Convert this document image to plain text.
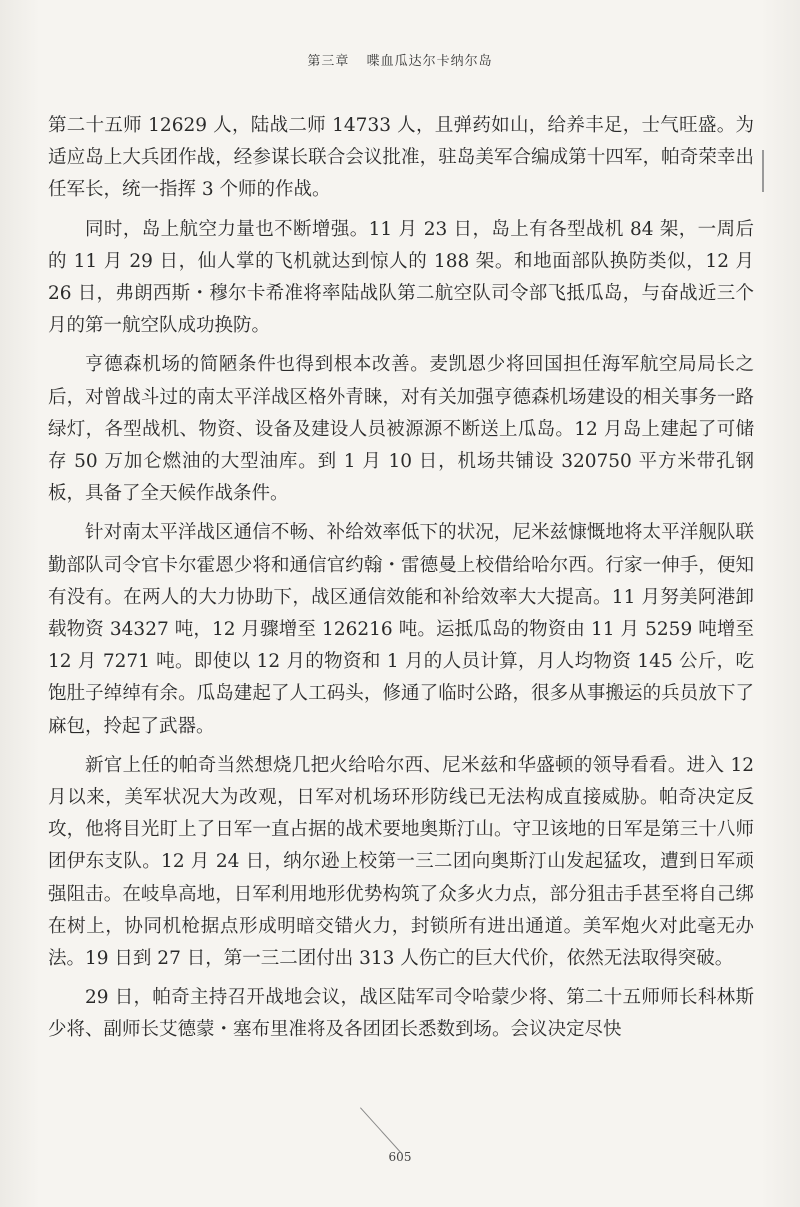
第三章 喋血瓜达尔卡纳尔岛

第二十五师 12629 人，陆战二师 14733 人，且弹药如山，给养丰足，士气旺盛。为适应岛上大兵团作战，经参谋长联合会议批准，驻岛美军合编成第十四军，帕奇荣幸出任军长，统一指挥 3 个师的作战。

同时，岛上航空力量也不断增强。11 月 23 日，岛上有各型战机 84 架，一周后的 11 月 29 日，仙人掌的飞机就达到惊人的 188 架。和地面部队换防类似，12 月 26 日，弗朗西斯・穆尔卡希准将率陆战队第二航空队司令部飞抵瓜岛，与奋战近三个月的第一航空队成功换防。

亨德森机场的简陋条件也得到根本改善。麦凯恩少将回国担任海军航空局局长之后，对曾战斗过的南太平洋战区格外青睐，对有关加强亨德森机场建设的相关事务一路绿灯，各型战机、物资、设备及建设人员被源源不断送上瓜岛。12 月岛上建起了可储存 50 万加仑燃油的大型油库。到 1 月 10 日，机场共铺设 320750 平方米带孔钢板，具备了全天候作战条件。

针对南太平洋战区通信不畅、补给效率低下的状况，尼米兹慷慨地将太平洋舰队联勤部队司令官卡尔霍恩少将和通信官约翰・雷德曼上校借给哈尔西。行家一伸手，便知有没有。在两人的大力协助下，战区通信效能和补给效率大大提高。11 月努美阿港卸载物资 34327 吨，12 月骤增至 126216 吨。运抵瓜岛的物资由 11 月 5259 吨增至 12 月 7271 吨。即使以 12 月的物资和 1 月的人员计算，月人均物资 145 公斤，吃饱肚子绰绰有余。瓜岛建起了人工码头，修通了临时公路，很多从事搬运的兵员放下了麻包，拎起了武器。

新官上任的帕奇当然想烧几把火给哈尔西、尼米兹和华盛顿的领导看看。进入 12 月以来，美军状况大为改观，日军对机场环形防线已无法构成直接威胁。帕奇决定反攻，他将目光盯上了日军一直占据的战术要地奥斯汀山。守卫该地的日军是第三十八师团伊东支队。12 月 24 日，纳尔逊上校第一三二团向奥斯汀山发起猛攻，遭到日军顽强阻击。在岐阜高地，日军利用地形优势构筑了众多火力点，部分狙击手甚至将自己绑在树上，协同机枪据点形成明暗交错火力，封锁所有进出通道。美军炮火对此毫无办法。19 日到 27 日，第一三二团付出 313 人伤亡的巨大代价，依然无法取得突破。

29 日，帕奇主持召开战地会议，战区陆军司令哈蒙少将、第二十五师师长科林斯少将、副师长艾德蒙・塞布里准将及各团团长悉数到场。会议决定尽快

605
